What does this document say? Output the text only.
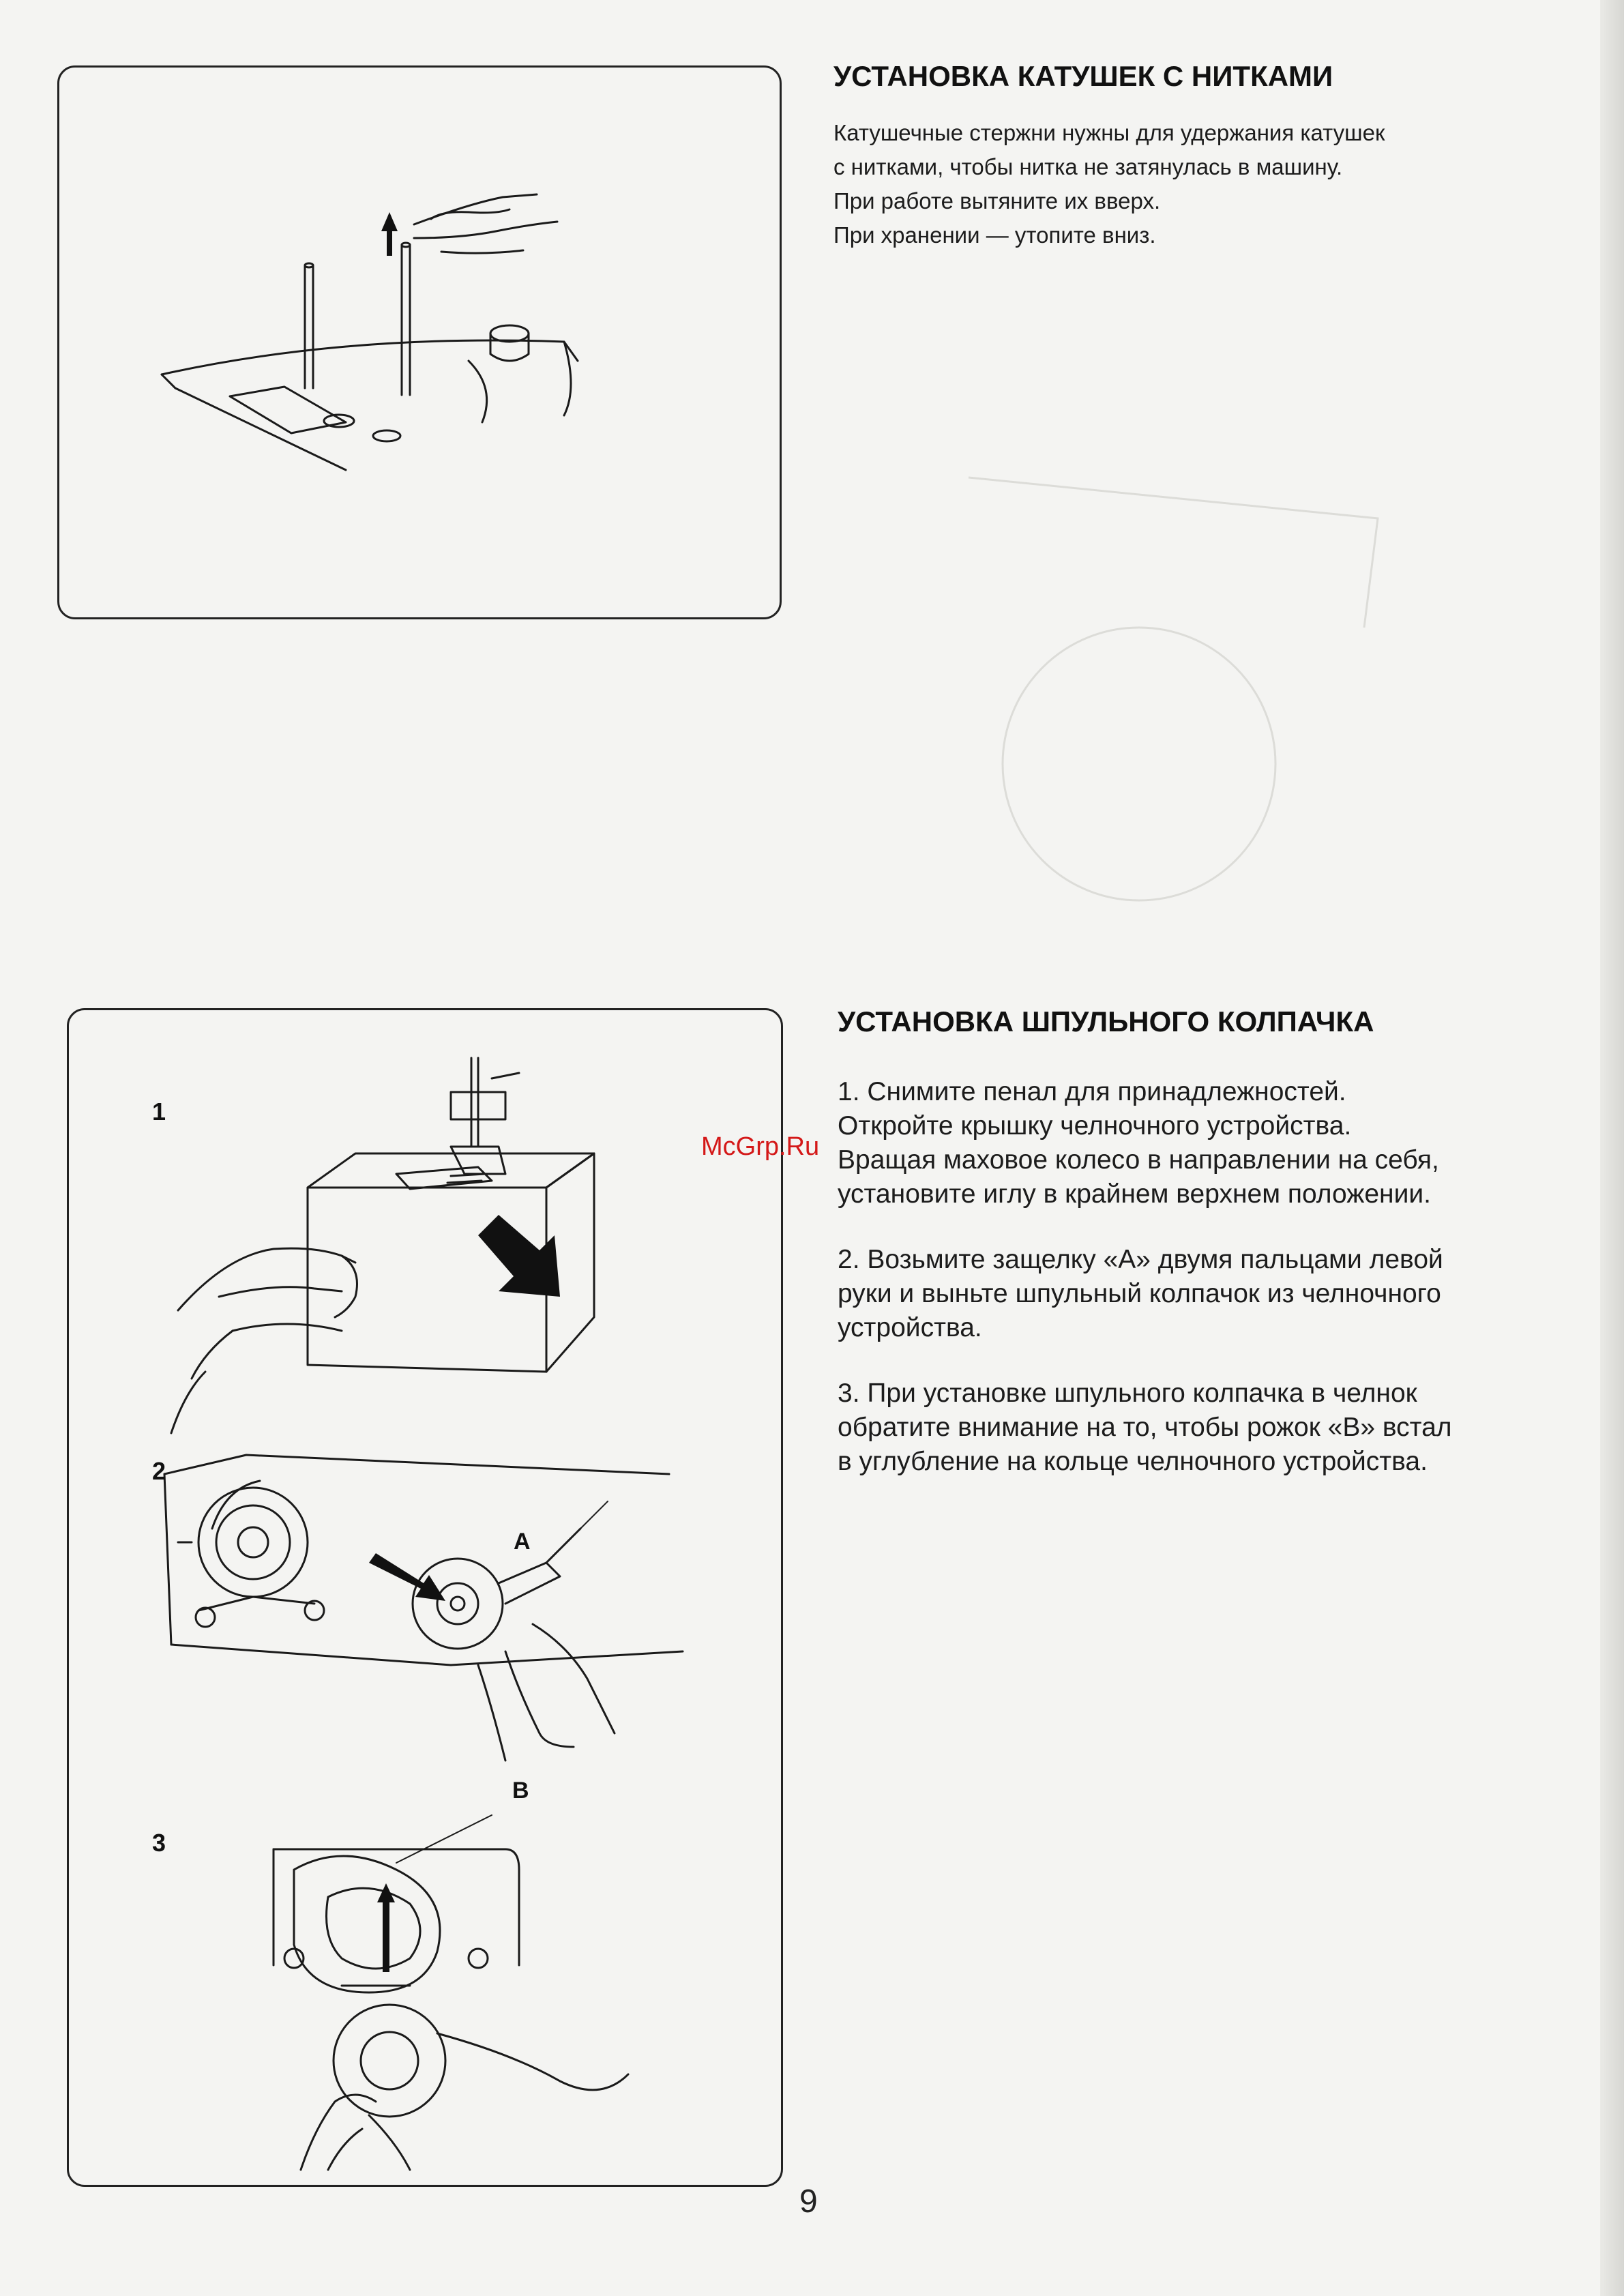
1
2
3
A
B
УСТАНОВКА КАТУШЕК С НИТКАМИ
Катушечные стержни нужны для удержания катушек
с нитками, чтобы нитка не затянулась в машину.
При работе вытяните их вверх.
При хранении — утопите вниз.
УСТАНОВКА ШПУЛЬНОГО КОЛПАЧКА
1. Снимите пенал для принадлежностей.
Откройте крышку челночного устройства.
Вращая маховое колесо в направлении на себя,
установите иглу в крайнем верхнем положении.
2. Возьмите защелку «А» двумя пальцами левой
руки и выньте шпульный колпачок из челночного
устройства.
3. При установке шпульного колпачка в челнок
обратите внимание на то, чтобы рожок «В» встал
в углубление на кольце челночного устройства.
McGrp.Ru
9
